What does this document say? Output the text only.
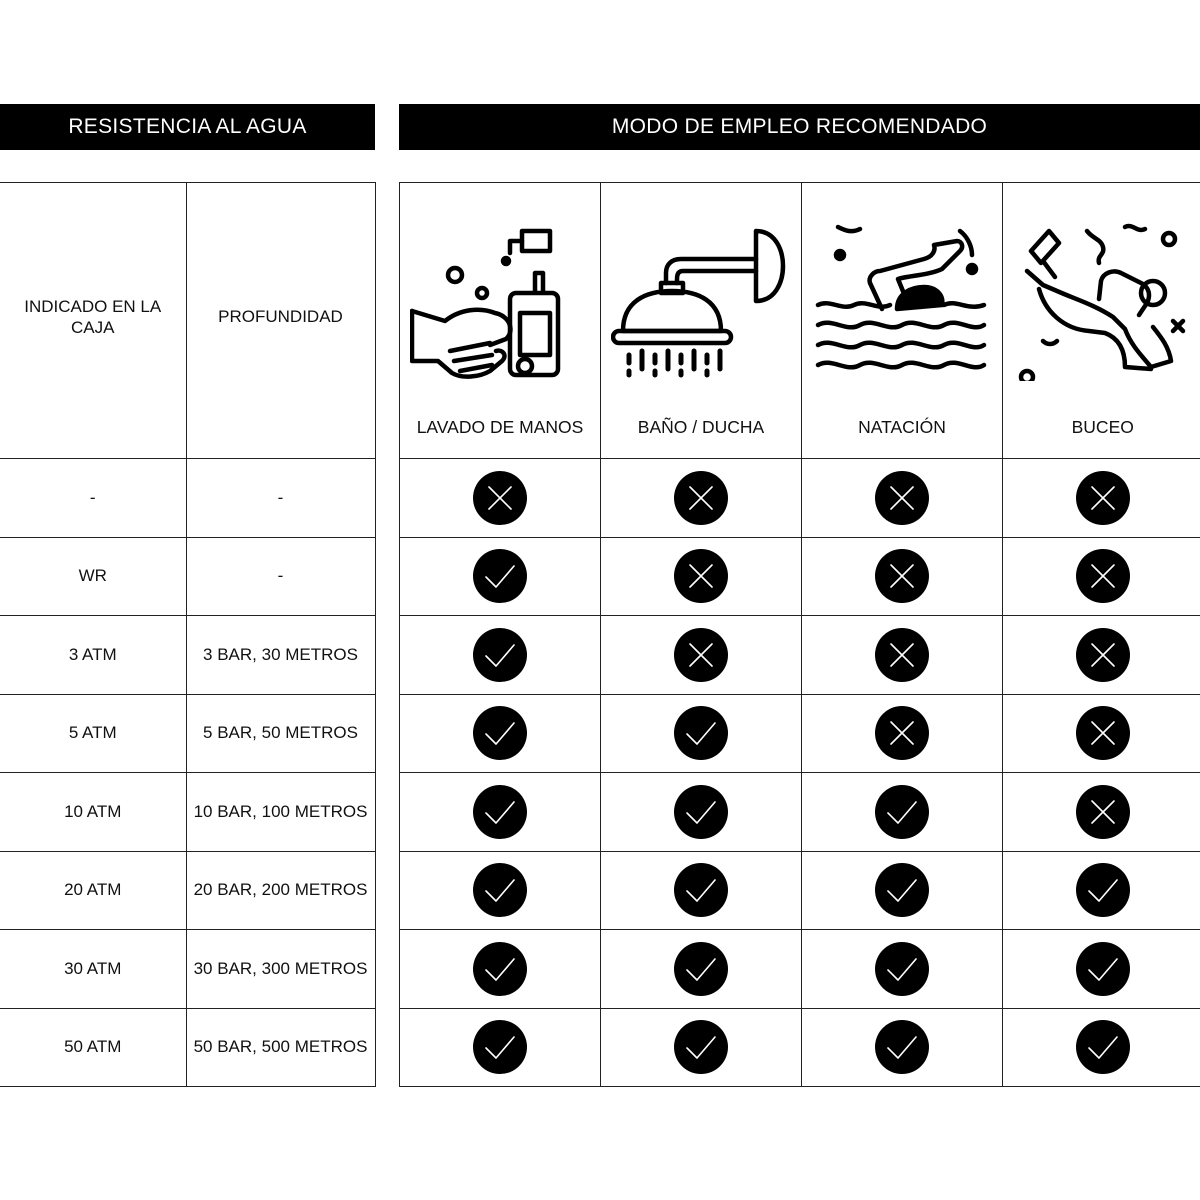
RESISTENCIA AL AGUA	MODO DE EMPLEO RECOMENDADO
INDICADO EN LA CAJA	PROFUNDIDAD

-	-
WR	-
3 ATM	3 BAR, 30 METROS
5 ATM	5 BAR, 50 METROS
10 ATM	10 BAR, 100 METROS
20 ATM	20 BAR, 200 METROS
30 ATM	30 BAR, 300 METROS
50 ATM	50 BAR, 500 METROS
LAVADO DE MANOS	BAÑO / DUCHA	NATACIÓN	BUCEO
